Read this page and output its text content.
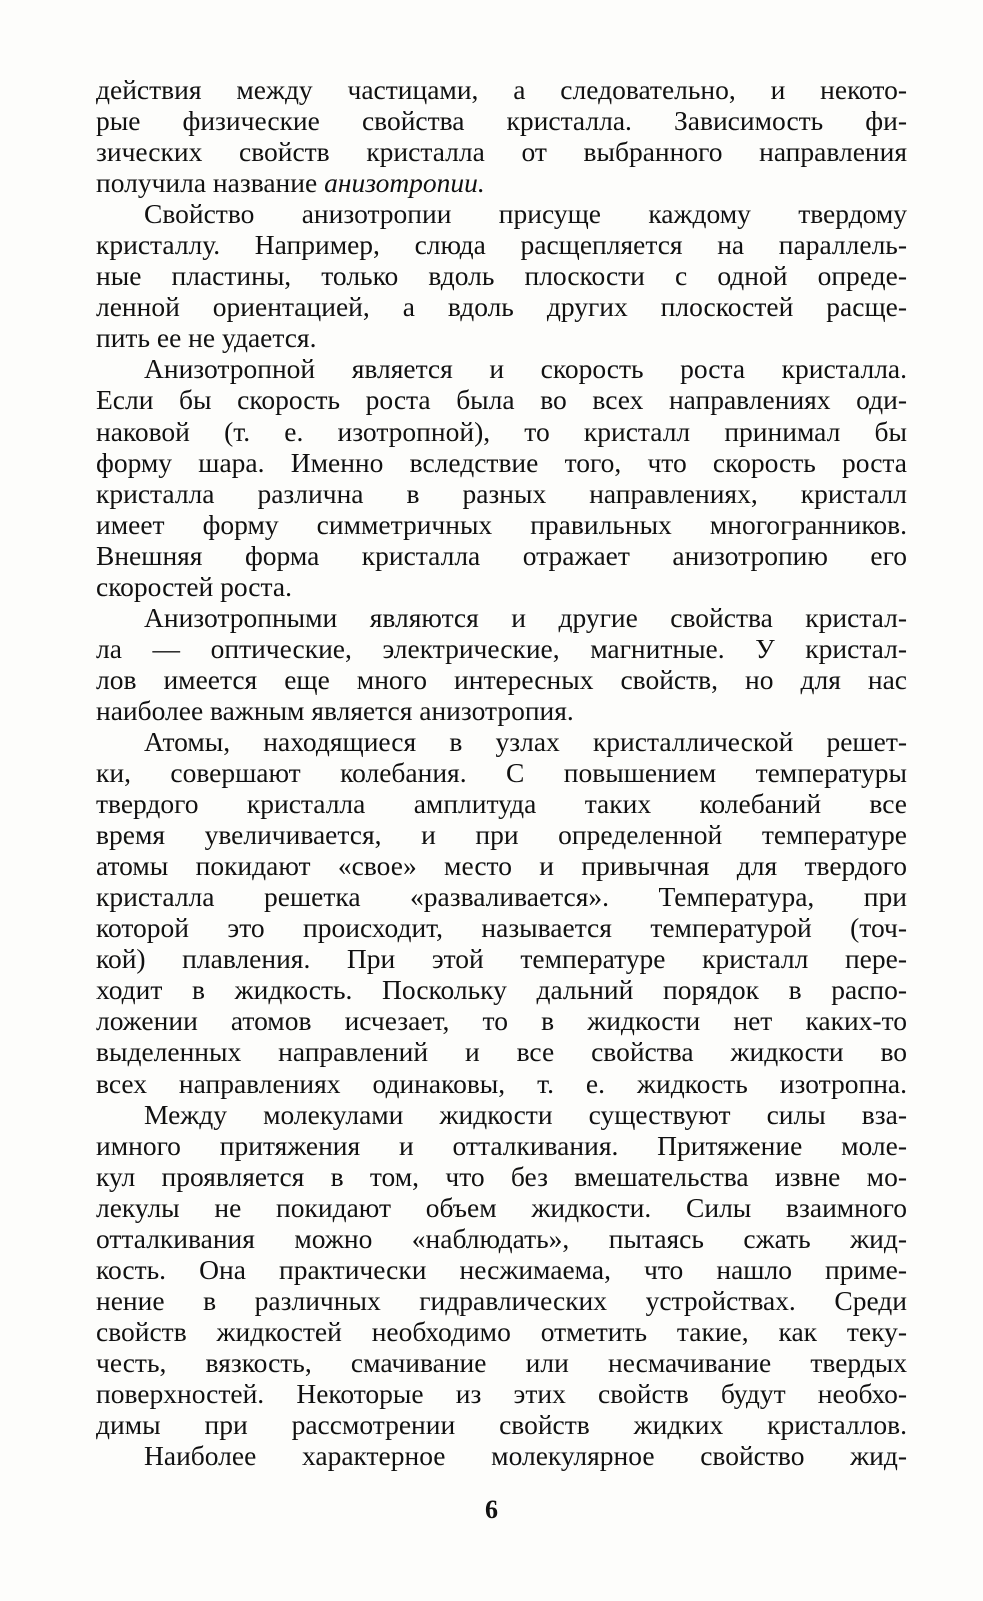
действия между частицами, а следовательно, и некото-
рые физические свойства кристалла. Зависимость фи-
зических свойств кристалла от выбранного направления
получила название анизотропии.
Свойство анизотропии присуще каждому твердому
кристаллу. Например, слюда расщепляется на параллель-
ные пластины, только вдоль плоскости с одной опреде-
ленной ориентацией, а вдоль других плоскостей расще-
пить ее не удается.
Анизотропной является и скорость роста кристалла.
Если бы скорость роста была во всех направлениях оди-
наковой (т. е. изотропной), то кристалл принимал бы
форму шара. Именно вследствие того, что скорость роста
кристалла различна в разных направлениях, кристалл
имеет форму симметричных правильных многогранников.
Внешняя форма кристалла отражает анизотропию его
скоростей роста.
Анизотропными являются и другие свойства кристал-
ла — оптические, электрические, магнитные. У кристал-
лов имеется еще много интересных свойств, но для нас
наиболее важным является анизотропия.
Атомы, находящиеся в узлах кристаллической решет-
ки, совершают колебания. С повышением температуры
твердого кристалла амплитуда таких колебаний все
время увеличивается, и при определенной температуре
атомы покидают «свое» место и привычная для твердого
кристалла решетка «разваливается». Температура, при
которой это происходит, называется температурой (точ-
кой) плавления. При этой температуре кристалл пере-
ходит в жидкость. Поскольку дальний порядок в распо-
ложении атомов исчезает, то в жидкости нет каких-то
выделенных направлений и все свойства жидкости во
всех направлениях одинаковы, т. е. жидкость изотропна.
Между молекулами жидкости существуют силы вза-
имного притяжения и отталкивания. Притяжение моле-
кул проявляется в том, что без вмешательства извне мо-
лекулы не покидают объем жидкости. Силы взаимного
отталкивания можно «наблюдать», пытаясь сжать жид-
кость. Она практически несжимаема, что нашло приме-
нение в различных гидравлических устройствах. Среди
свойств жидкостей необходимо отметить такие, как теку-
честь, вязкость, смачивание или несмачивание твердых
поверхностей. Некоторые из этих свойств будут необхо-
димы при рассмотрении свойств жидких кристаллов.
Наиболее характерное молекулярное свойство жид-
6
